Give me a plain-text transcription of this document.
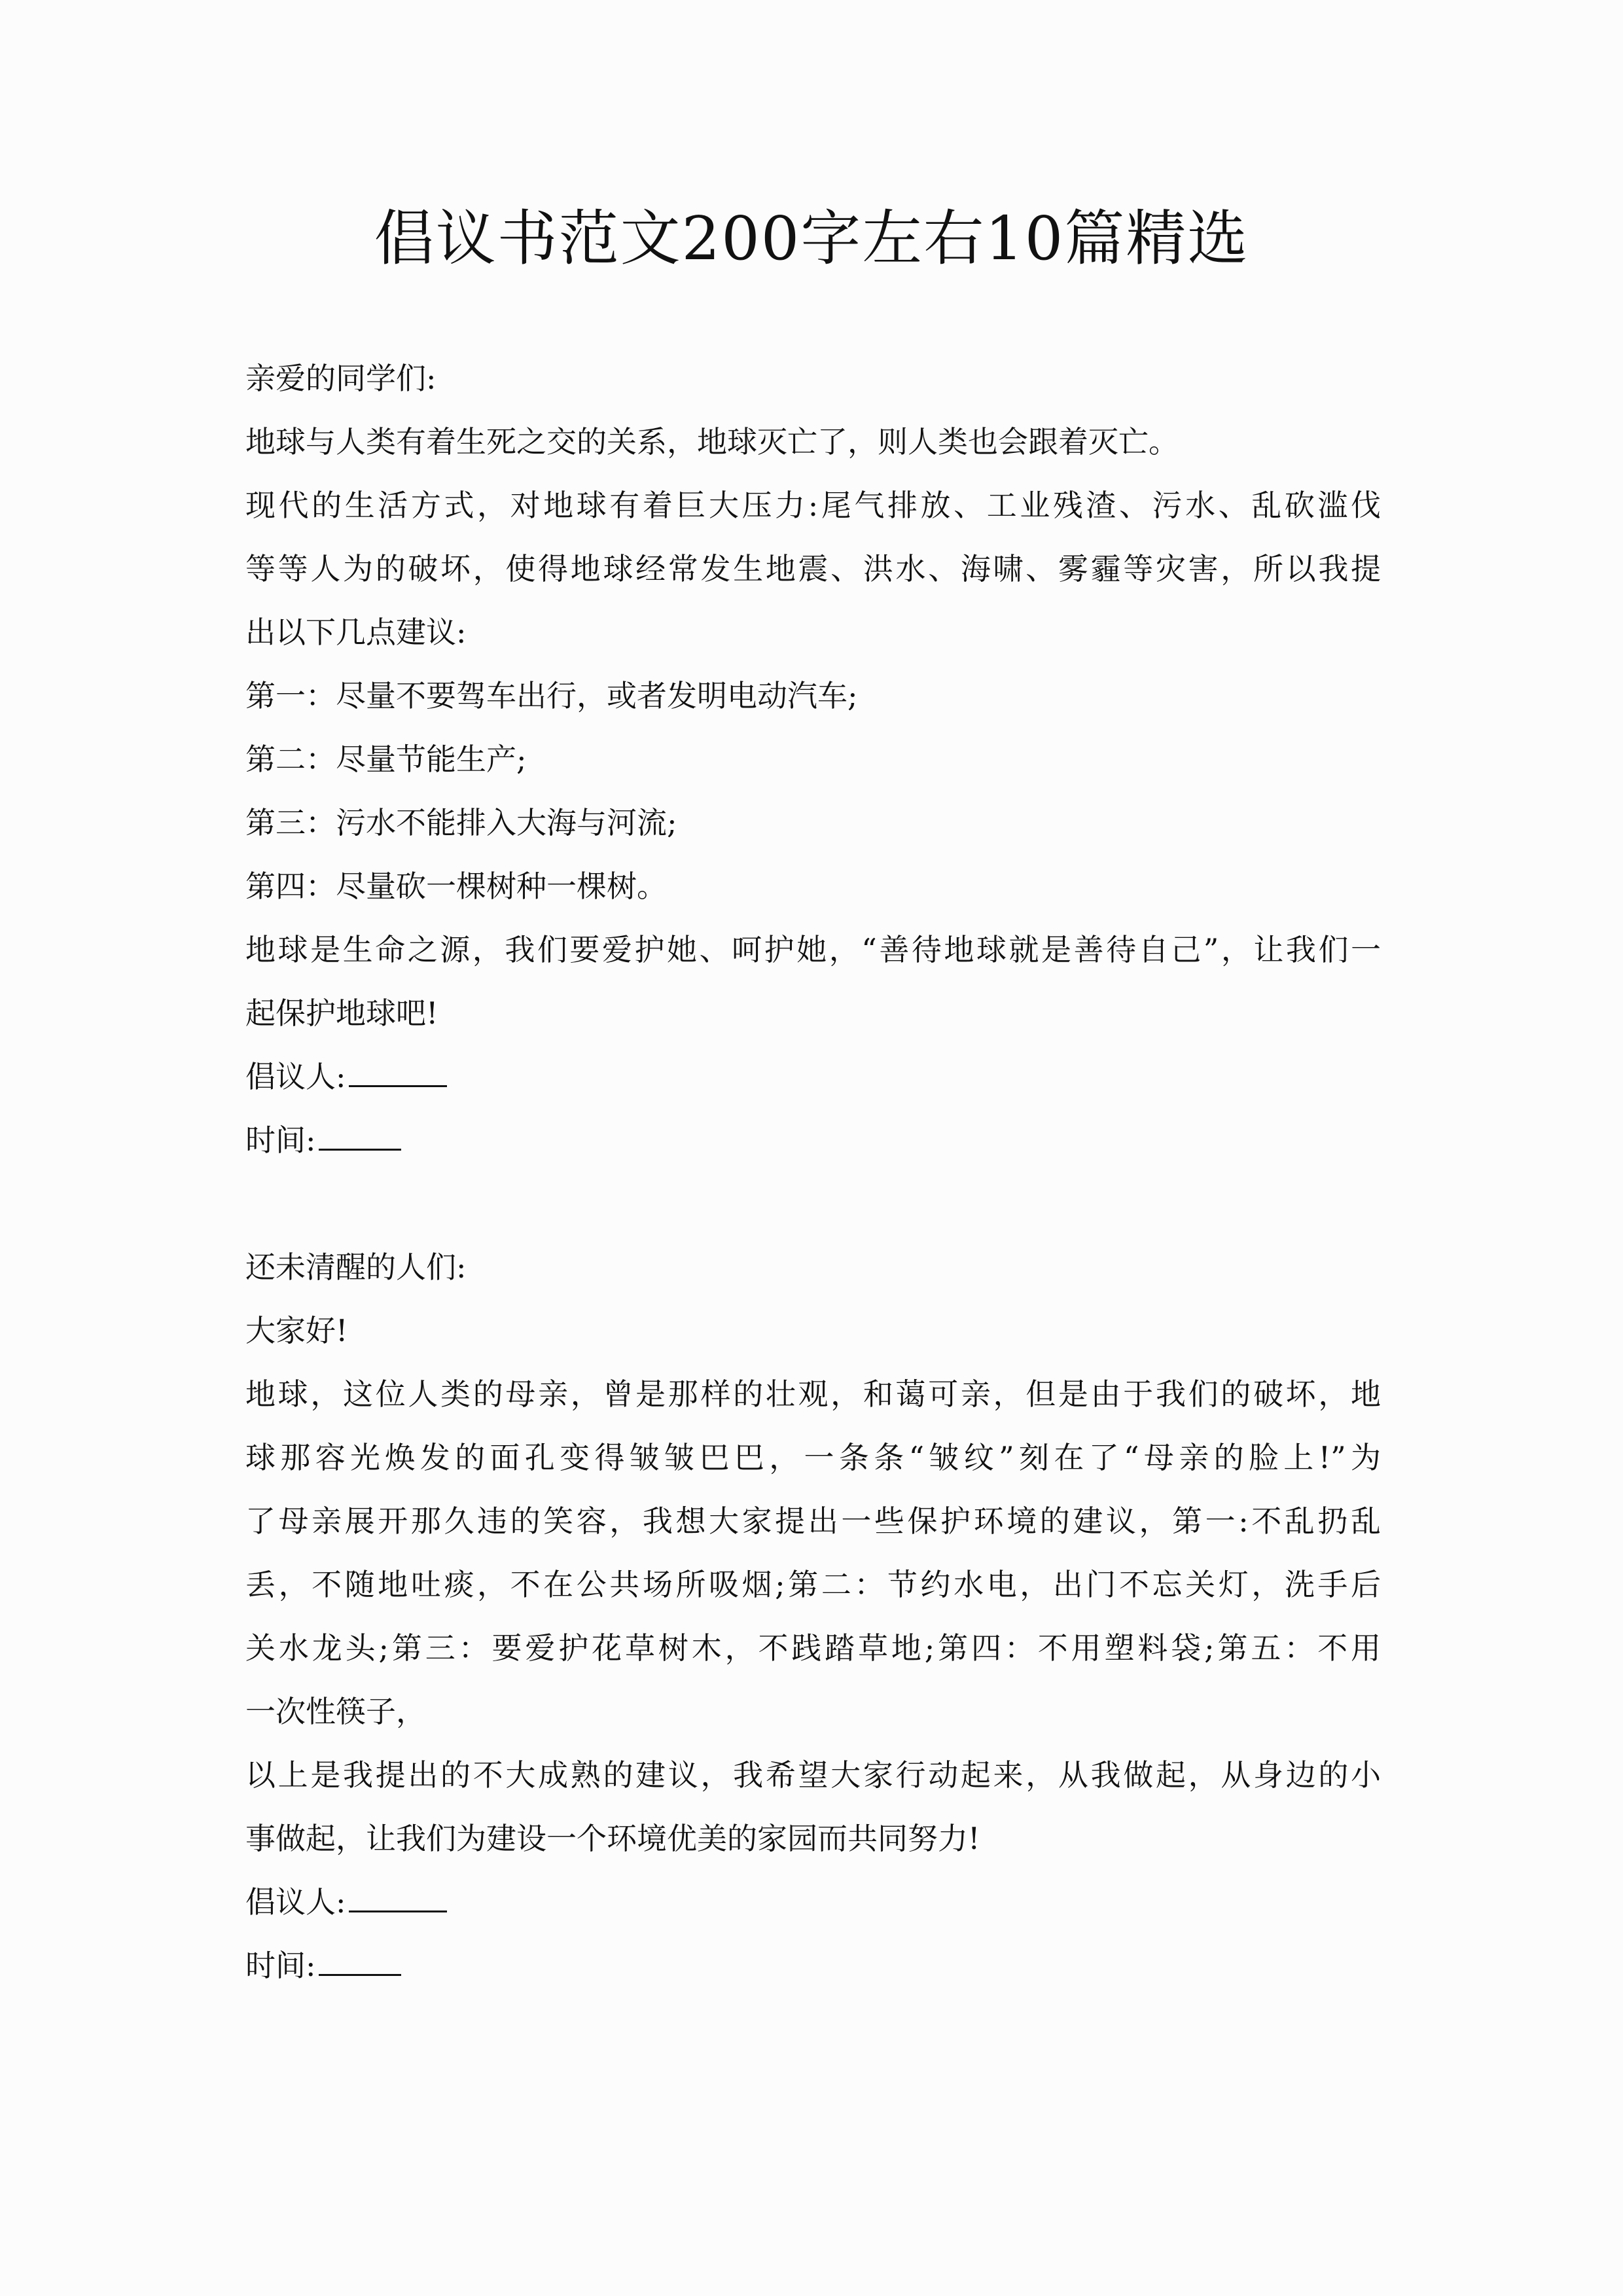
倡议书范文200字左右10篇精选
亲爱的同学们:
地球与人类有着生死之交的关系，地球灭亡了，则人类也会跟着灭亡。
现代的生活方式，对地球有着巨大压力:尾气排放、工业残渣、污水、乱砍滥伐
等等人为的破坏，使得地球经常发生地震、洪水、海啸、雾霾等灾害，所以我提
出以下几点建议:
第一：尽量不要驾车出行，或者发明电动汽车;
第二：尽量节能生产;
第三：污水不能排入大海与河流;
第四：尽量砍一棵树种一棵树。
地球是生命之源，我们要爱护她、呵护她，“善待地球就是善待自己”，让我们一
起保护地球吧!
倡议人:
时间:
还未清醒的人们:
大家好!
地球，这位人类的母亲，曾是那样的壮观，和蔼可亲，但是由于我们的破坏，地
球那容光焕发的面孔变得皱皱巴巴，一条条“皱纹”刻在了“母亲的脸上!”为
了母亲展开那久违的笑容，我想大家提出一些保护环境的建议，第一:不乱扔乱
丢，不随地吐痰，不在公共场所吸烟;第二：节约水电，出门不忘关灯，洗手后
关水龙头;第三：要爱护花草树木，不践踏草地;第四：不用塑料袋;第五：不用
一次性筷子，
以上是我提出的不大成熟的建议，我希望大家行动起来，从我做起，从身边的小
事做起，让我们为建设一个环境优美的家园而共同努力!
倡议人:
时间:
